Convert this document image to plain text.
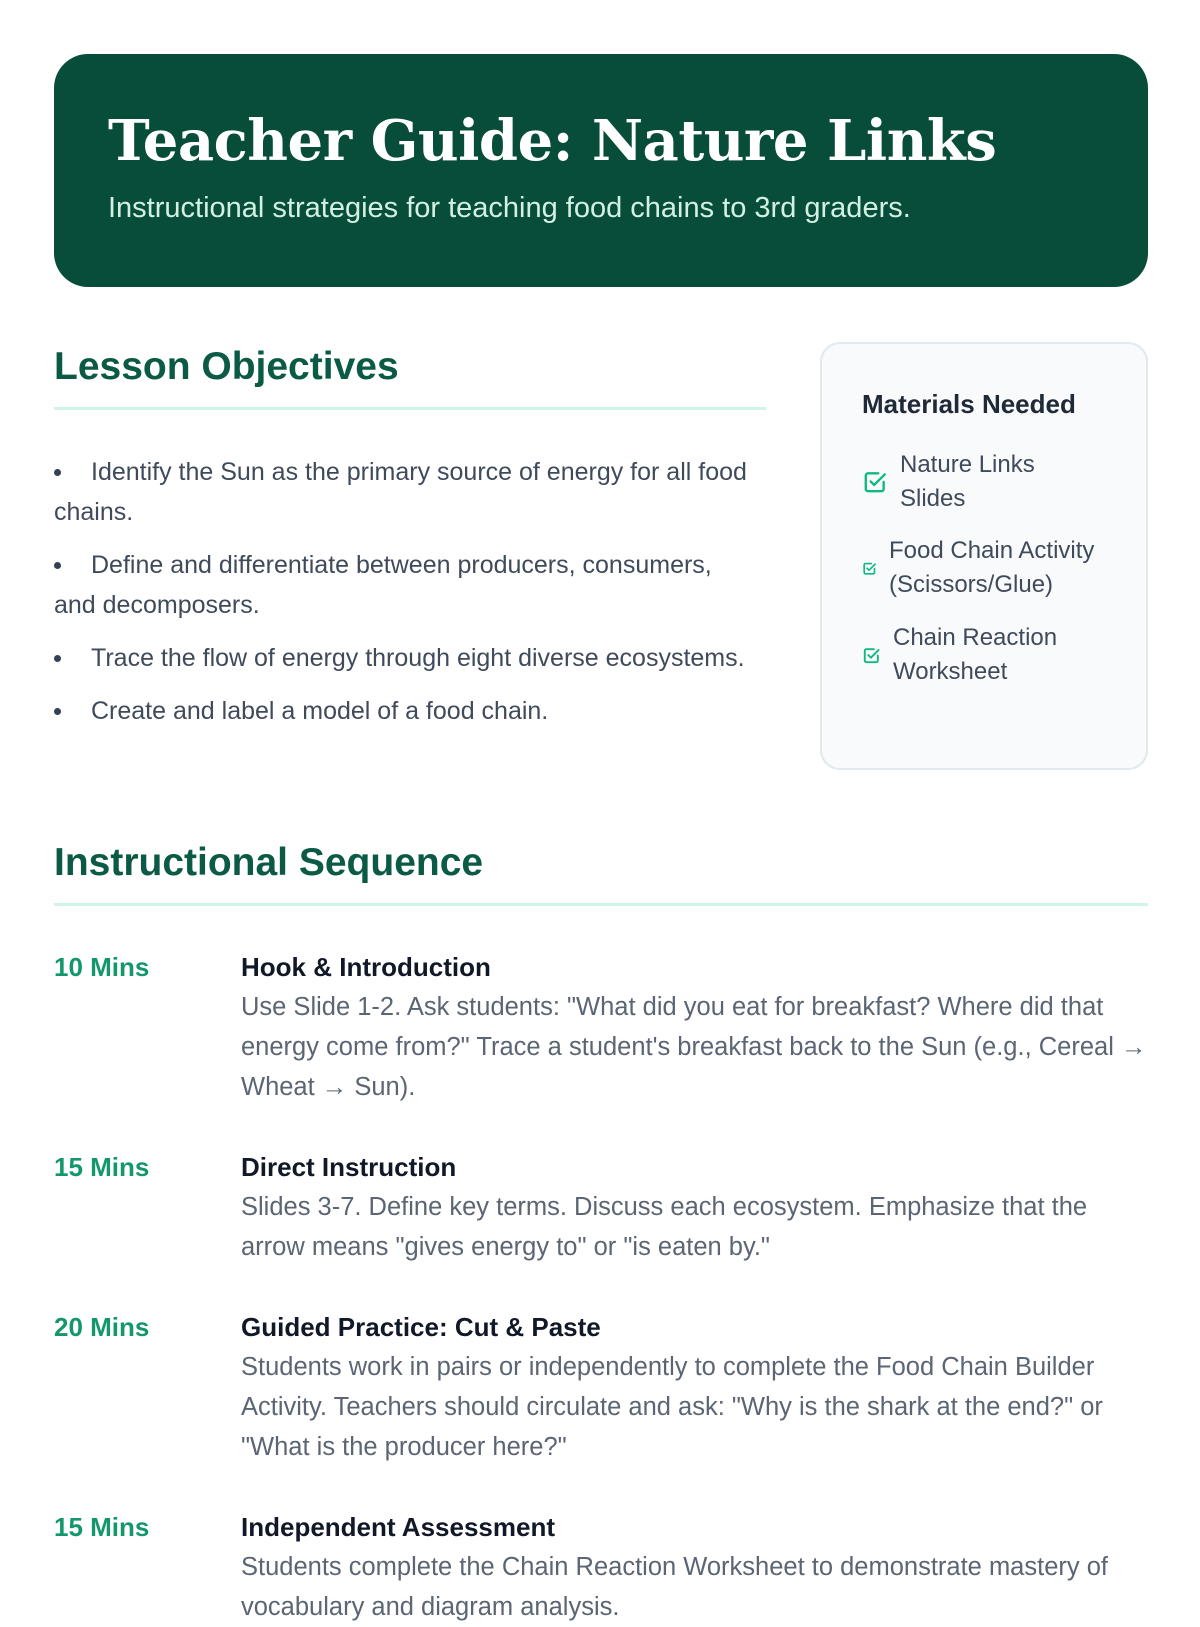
Teacher Guide: Nature Links
Instructional strategies for teaching food chains to 3rd graders.
Lesson Objectives
Identify the Sun as the primary source of energy for all food chains.
Define and differentiate between producers, consumers, and decomposers.
Trace the flow of energy through eight diverse ecosystems.
Create and label a model of a food chain.
Materials Needed
Nature Links
Slides
Food Chain Activity
(Scissors/Glue)
Chain Reaction
Worksheet
Instructional Sequence
10 Mins	Hook & Introduction
Use Slide 1-2. Ask students: "What did you eat for breakfast? Where did that energy come from?" Trace a student's breakfast back to the Sun (e.g., Cereal → Wheat → Sun).
15 Mins	Direct Instruction
Slides 3-7. Define key terms. Discuss each ecosystem. Emphasize that the arrow means "gives energy to" or "is eaten by."
20 Mins	Guided Practice: Cut & Paste
Students work in pairs or independently to complete the Food Chain Builder Activity. Teachers should circulate and ask: "Why is the shark at the end?" or "What is the producer here?"
15 Mins	Independent Assessment
Students complete the Chain Reaction Worksheet to demonstrate mastery of vocabulary and diagram analysis.
